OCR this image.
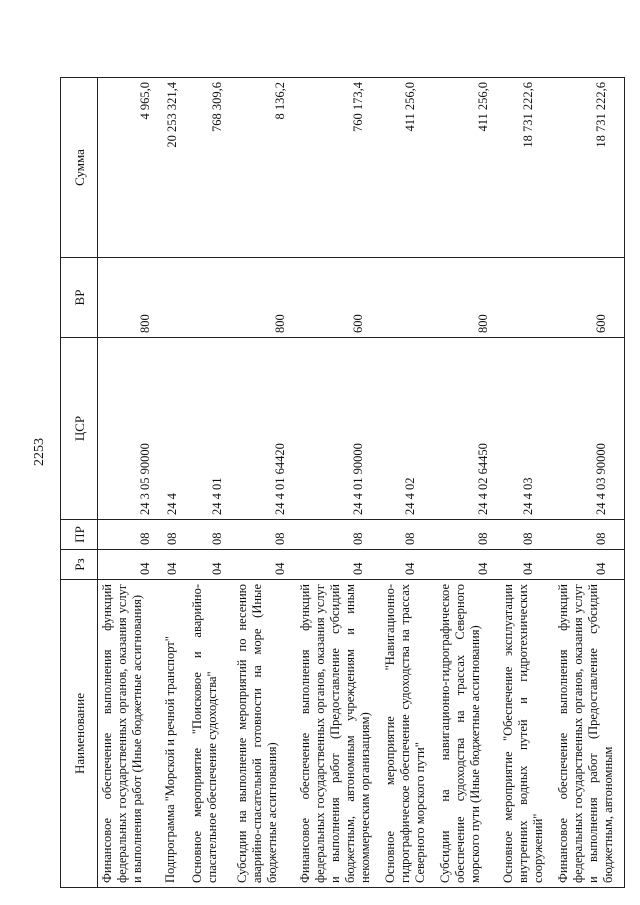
2253
Наименование	Рз	ПР	ЦСР	ВР	Сумма
Финансовое обеспечение выполнения функций федеральных государственных органов, оказания услуг и выполнения работ (Иные бюджетные ассигнования)	04	08	24 3 05 90000	800	4 965,0
Подпрограмма "Морской и речной транспорт"	04	08	24 4		20 253 321,4
Основное мероприятие "Поисковое и аварийно-спасательное обеспечение судоходства"	04	08	24 4 01		768 309,6
Субсидии на выполнение мероприятий по несению аварийно-спасательной готовности на море (Иные бюджетные ассигнования)	04	08	24 4 01 64420	800	8 136,2
Финансовое обеспечение выполнения функций федеральных государственных органов, оказания услуг и выполнения работ (Предоставление субсидий бюджетным, автономным учреждениям и иным некоммерческим организациям)	04	08	24 4 01 90000	600	760 173,4
Основное мероприятие "Навигационно-гидрографическое обеспечение судоходства на трассах Северного морского пути"	04	08	24 4 02		411 256,0
Субсидии на навигационно-гидрографическое обеспечение судоходства на трассах Северного морского пути (Иные бюджетные ассигнования)	04	08	24 4 02 64450	800	411 256,0
Основное мероприятие "Обеспечение эксплуатации внутренних водных путей и гидротехнических сооружений"	04	08	24 4 03		18 731 222,6
Финансовое обеспечение выполнения функций федеральных государственных органов, оказания услуг и выполнения работ (Предоставление субсидий бюджетным, автономным	04	08	24 4 03 90000	600	18 731 222,6
